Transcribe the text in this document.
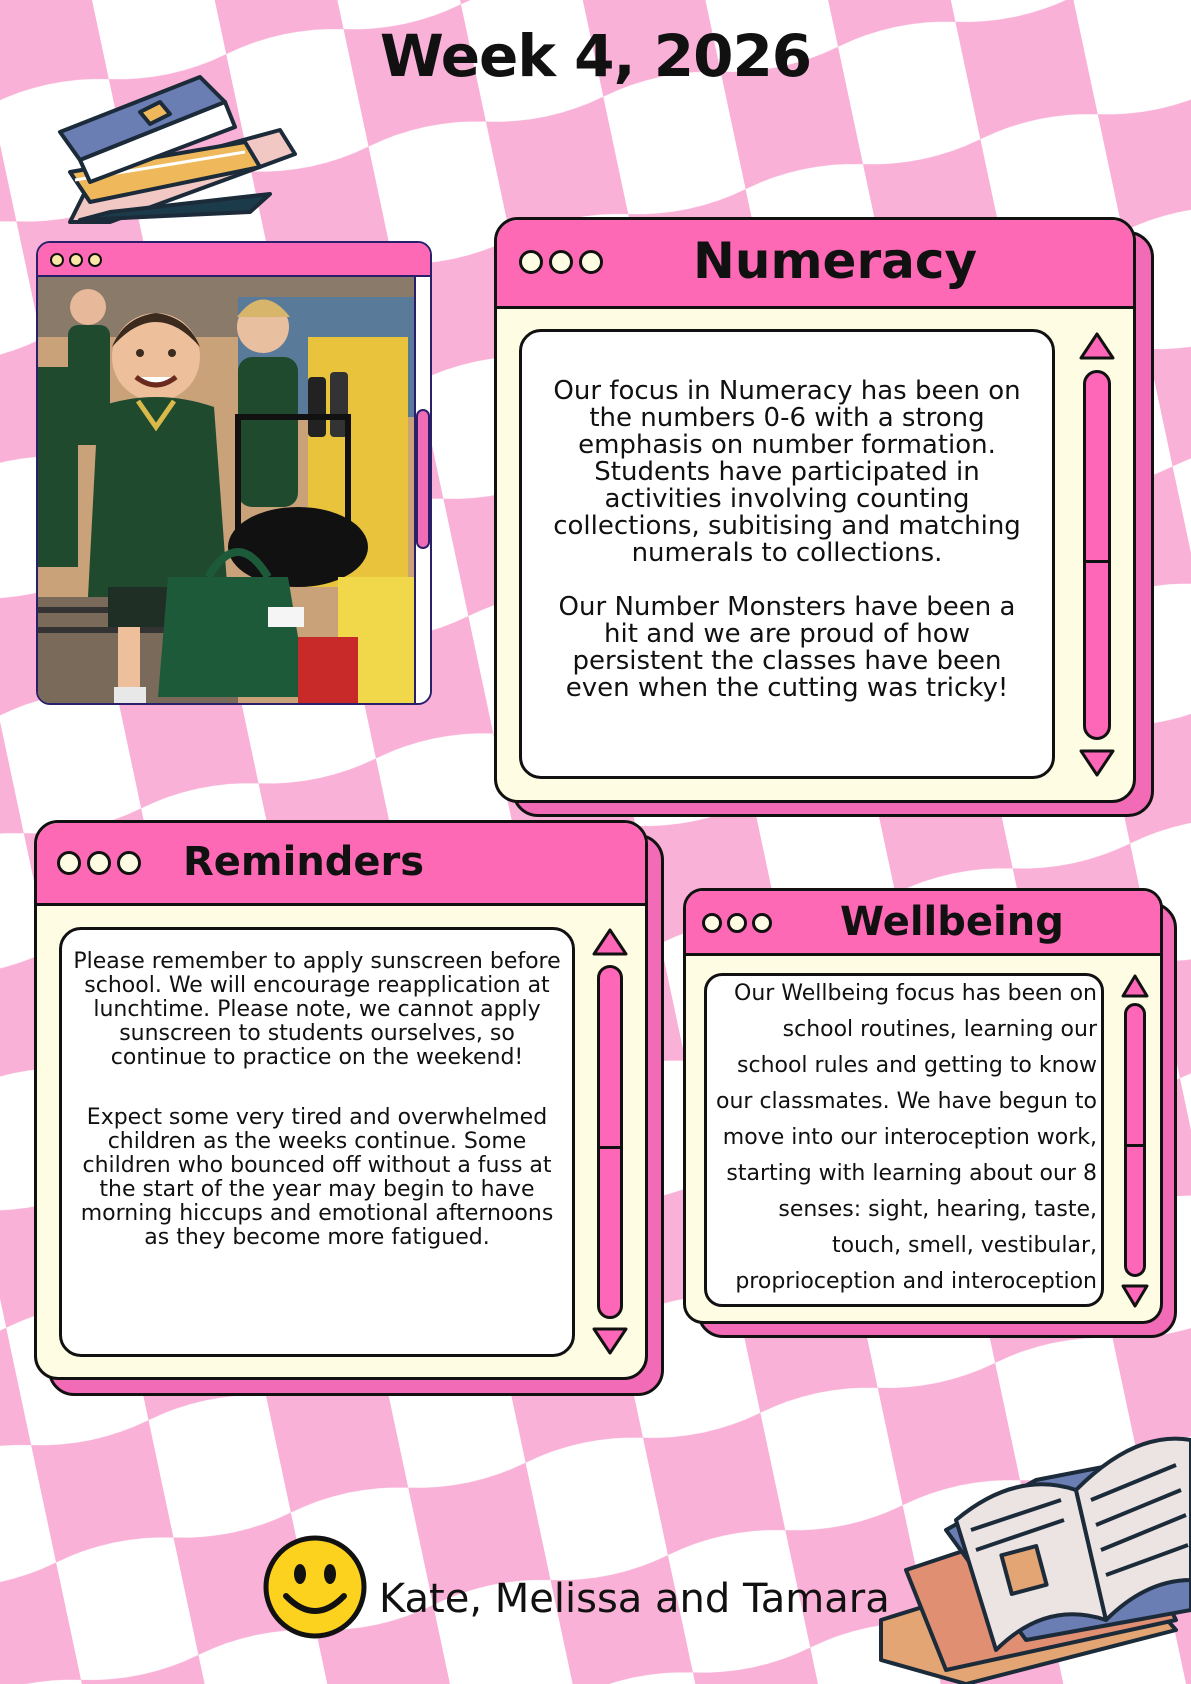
Week 4, 2026
Numeracy
Our focus in Numeracy has been on the numbers 0-6 with a strong emphasis on number formation. Students have participated in activities involving counting collections, subitising and matching numerals to collections.
Our Number Monsters have been a hit and we are proud of how persistent the classes have been even when the cutting was tricky!
Reminders
Please remember to apply sunscreen before school. We will encourage reapplication at lunchtime. Please note, we cannot apply sunscreen to students ourselves, so continue to practice on the weekend!
Expect some very tired and overwhelmed children as the weeks continue. Some children who bounced off without a fuss at the start of the year may begin to have morning hiccups and emotional afternoons as they become more fatigued.
Wellbeing
Our Wellbeing focus has been on school routines, learning our school rules and getting to know our classmates. We have begun to move into our interoception work, starting with learning about our 8 senses: sight, hearing, taste, touch, smell, vestibular, proprioception and interoception
Kate, Melissa and Tamara
